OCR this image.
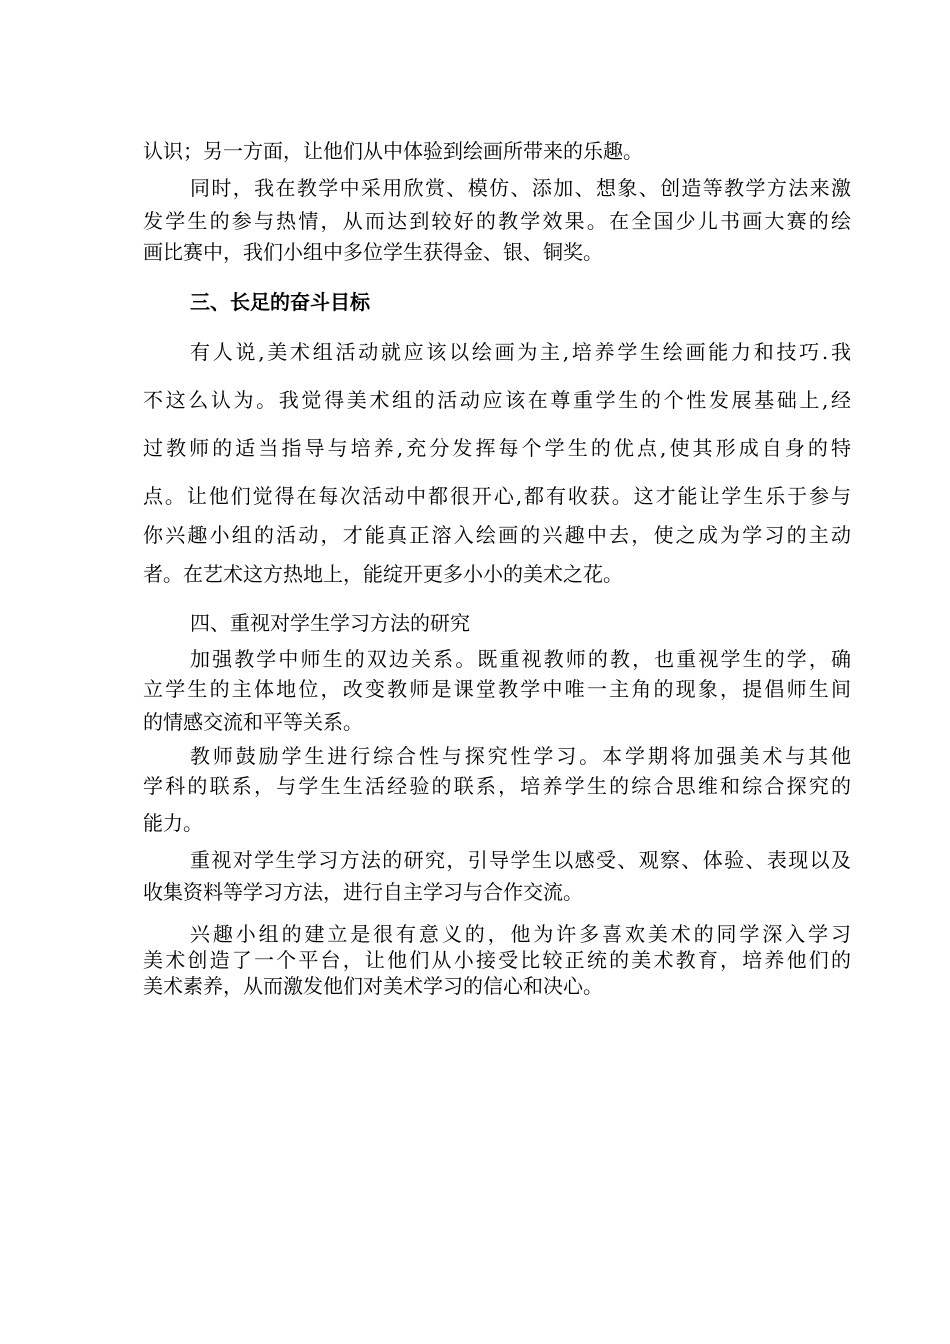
认识；另一方面，让他们从中体验到绘画所带来的乐趣。
同时，我在教学中采用欣赏、模仿、添加、想象、创造等教学方法来激
发学生的参与热情，从而达到较好的教学效果。在全国少儿书画大赛的绘
画比赛中，我们小组中多位学生获得金、银、铜奖。
三、长足的奋斗目标
有人说,美术组活动就应该以绘画为主,培养学生绘画能力和技巧.我
不这么认为。我觉得美术组的活动应该在尊重学生的个性发展基础上,经
过教师的适当指导与培养,充分发挥每个学生的优点,使其形成自身的特
点。让他们觉得在每次活动中都很开心,都有收获。这才能让学生乐于参与
你兴趣小组的活动，才能真正溶入绘画的兴趣中去，使之成为学习的主动
者。在艺术这方热地上，能绽开更多小小的美术之花。
四、重视对学生学习方法的研究
加强教学中师生的双边关系。既重视教师的教，也重视学生的学，确
立学生的主体地位，改变教师是课堂教学中唯一主角的现象，提倡师生间
的情感交流和平等关系。
教师鼓励学生进行综合性与探究性学习。本学期将加强美术与其他
学科的联系，与学生生活经验的联系，培养学生的综合思维和综合探究的
能力。
重视对学生学习方法的研究，引导学生以感受、观察、体验、表现以及
收集资料等学习方法，进行自主学习与合作交流。
兴趣小组的建立是很有意义的，他为许多喜欢美术的同学深入学习
美术创造了一个平台，让他们从小接受比较正统的美术教育，培养他们的
美术素养，从而激发他们对美术学习的信心和决心。
